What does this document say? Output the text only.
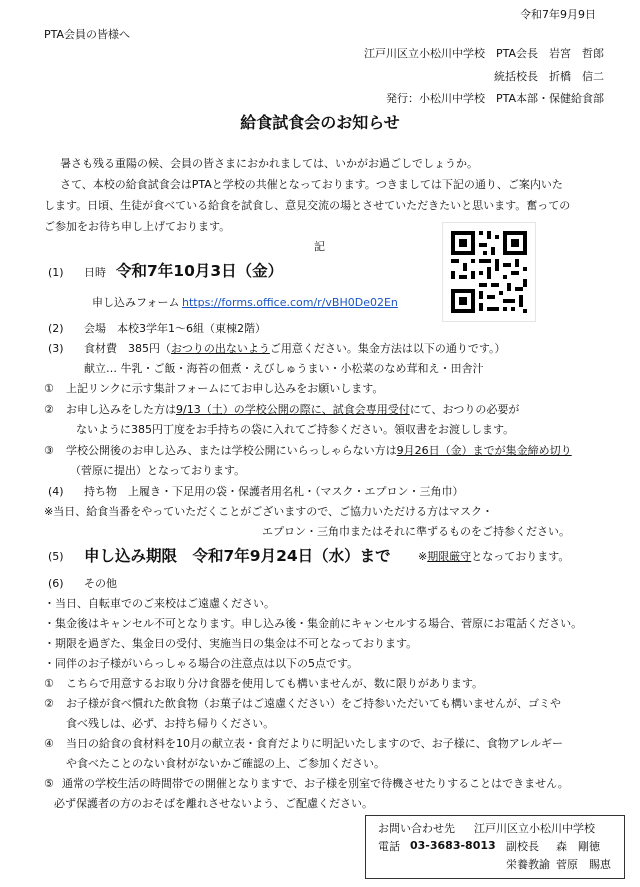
令和7年9月9日
PTA会員の皆様へ
江戸川区立小松川中学校　PTA会長　岩宮　哲郎
統括校長　折橋　信二
発行：小松川中学校　PTA本部・保健給食部
給食試食会のお知らせ
暑さも残る重陽の候、会員の皆さまにおかれましては、いかがお過ごしでしょうか。
さて、本校の給食試食会はPTAと学校の共催となっております。つきましては下記の通り、ご案内いた
します。日頃、生徒が食べている給食を試食し、意見交流の場とさせていただきたいと思います。奮っての
ご参加をお待ち申し上げております。
記
(1) 日時 令和7年10月3日（金）
申し込みフォーム https://forms.office.com/r/vBH0De02En
(2) 会場　本校3学年1～6組（東棟2階）
(3) 食材費　385円（おつりの出ないようご用意ください。集金方法は以下の通りです。）
献立… 牛乳・ご飯・海苔の佃煮・えびしゅうまい・小松菜のなめ茸和え・田舎汁
① 上記リンクに示す集計フォームにてお申し込みをお願いします。
② お申し込みをした方は9/13（土）の学校公開の際に、試食会専用受付にて、おつりの必要が
ないように385円丁度をお手持ちの袋に入れてご持参ください。領収書をお渡しします。
③ 学校公開後のお申し込み、または学校公開にいらっしゃらない方は9月26日（金）までが集金締め切り
（菅原に提出）となっております。
(4) 持ち物　上履き・下足用の袋・保護者用名札・（マスク・エプロン・三角巾）
※当日、給食当番をやっていただくことがございますので、ご協力いただける方はマスク・
エプロン・三角巾またはそれに準ずるものをご持参ください。
(5) 申し込み期限　令和7年9月24日（水）まで ※期限厳守となっております。
(6) その他
・当日、自転車でのご来校はご遠慮ください。
・集金後はキャンセル不可となります。申し込み後・集金前にキャンセルする場合、菅原にお電話ください。
・期限を過ぎた、集金日の受付、実施当日の集金は不可となっております。
・同伴のお子様がいらっしゃる場合の注意点は以下の5点です。
① こちらで用意するお取り分け食器を使用しても構いませんが、数に限りがあります。
② お子様が食べ慣れた飲食物（お菓子はご遠慮ください）をご持参いただいても構いませんが、ゴミや
食べ残しは、必ず、お持ち帰りください。
④ 当日の給食の食材料を10月の献立表・食育だよりに明記いたしますので、お子様に、食物アレルギー
や食べたことのない食材がないかご確認の上、ご参加ください。
⑤ 通常の学校生活の時間帯での開催となりますで、お子様を別室で待機させたりすることはできません。
必ず保護者の方のおそばを離れさせないよう、ご配慮ください。
お問い合わせ先 江戸川区立小松川中学校
電話 03-3683-8013 副校長 森　剛徳
栄養教諭 菅原　賜恵
